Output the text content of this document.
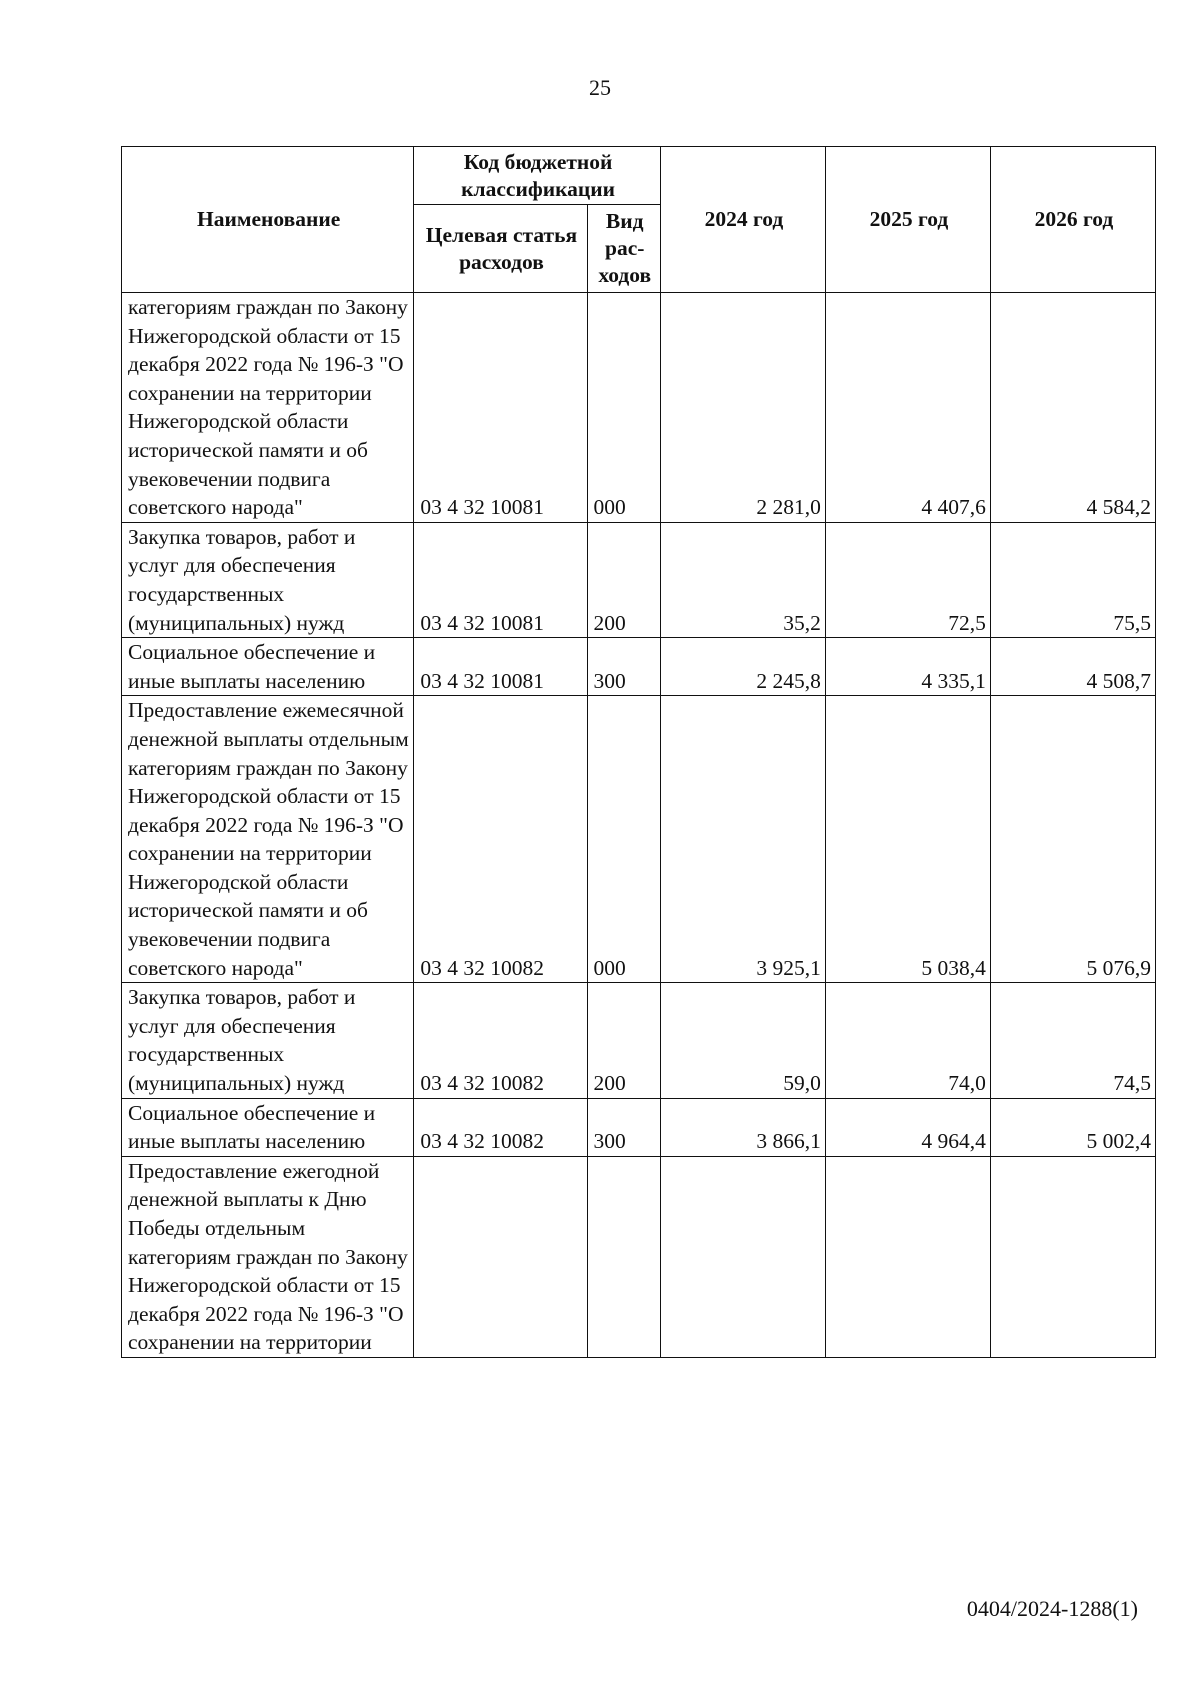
25
Наименование	Код бюджетной классификации		2024 год	2025 год	2026 год
	Целевая статья расходов	Вид рас-ходов			
категориям граждан по Закону Нижегородской области от 15 декабря 2022 года № 196-З "О сохранении на территории Нижегородской области исторической памяти и об увековечении подвига советского народа"	03 4 32 10081	000	2 281,0	4 407,6	4 584,2
Закупка товаров, работ и услуг для обеспечения государственных (муниципальных) нужд	03 4 32 10081	200	35,2	72,5	75,5
Социальное обеспечение и иные выплаты населению	03 4 32 10081	300	2 245,8	4 335,1	4 508,7
Предоставление ежемесячной денежной выплаты отдельным категориям граждан по Закону Нижегородской области от 15 декабря 2022 года № 196-З "О сохранении на территории Нижегородской области исторической памяти и об увековечении подвига советского народа"	03 4 32 10082	000	3 925,1	5 038,4	5 076,9
Закупка товаров, работ и услуг для обеспечения государственных (муниципальных) нужд	03 4 32 10082	200	59,0	74,0	74,5
Социальное обеспечение и иные выплаты населению	03 4 32 10082	300	3 866,1	4 964,4	5 002,4
Предоставление ежегодной денежной выплаты к Дню Победы отдельным категориям граждан по Закону Нижегородской области от 15 декабря 2022 года № 196-З "О сохранении на территории					
0404/2024-1288(1)
